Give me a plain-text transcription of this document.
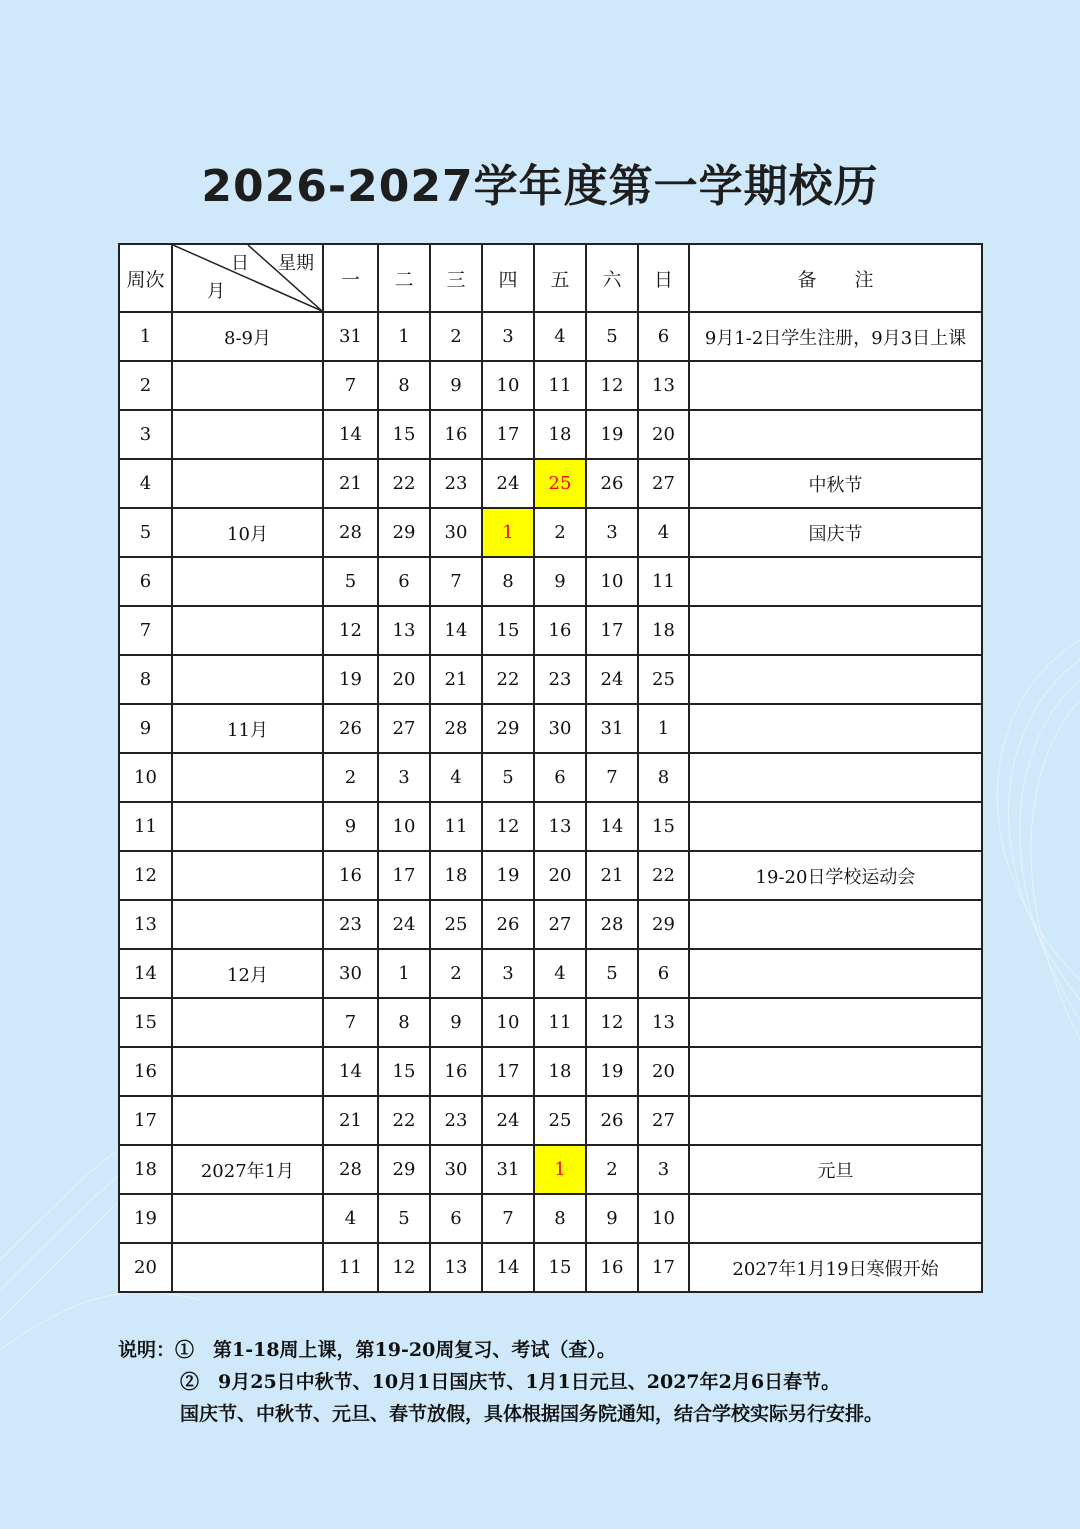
2026-2027学年度第一学期校历
周次	日 星期
月	一	二	三	四	五	六	日	备　　注
1	8-9月	31	1	2	3	4	5	6	9月1-2日学生注册，9月3日上课
2		7	8	9	10	11	12	13	
3		14	15	16	17	18	19	20	
4		21	22	23	24	25	26	27	中秋节
5	10月	28	29	30	1	2	3	4	国庆节
6		5	6	7	8	9	10	11	
7		12	13	14	15	16	17	18	
8		19	20	21	22	23	24	25	
9	11月	26	27	28	29	30	31	1	
10		2	3	4	5	6	7	8	
11		9	10	11	12	13	14	15	
12		16	17	18	19	20	21	22	19-20日学校运动会
13		23	24	25	26	27	28	29	
14	12月	30	1	2	3	4	5	6	
15		7	8	9	10	11	12	13	
16		14	15	16	17	18	19	20	
17		21	22	23	24	25	26	27	
18	2027年1月	28	29	30	31	1	2	3	元旦
19		4	5	6	7	8	9	10	
20		11	12	13	14	15	16	17	2027年1月19日寒假开始
说明：①　第1-18周上课，第19-20周复习、考试（查）。
②　9月25日中秋节、10月1日国庆节、1月1日元旦、2027年2月6日春节。
国庆节、中秋节、元旦、春节放假，具体根据国务院通知，结合学校实际另行安排。
